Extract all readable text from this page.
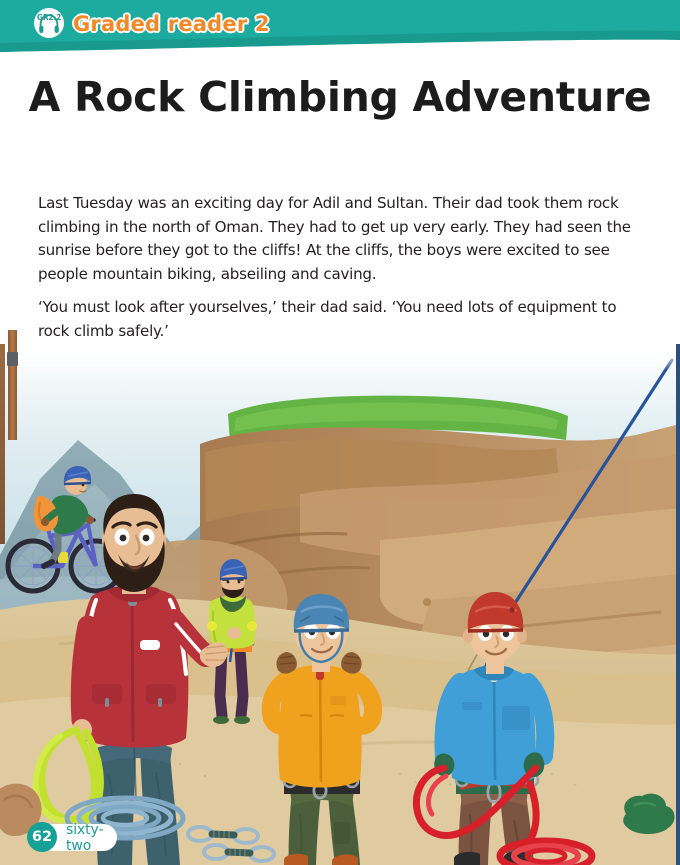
GR2.2 Graded reader 2
A Rock Climbing Adventure

Last Tuesday was an exciting day for Adil and Sultan. Their dad took them rock climbing in the north of Oman. They had to get up very early. They had seen the sunrise before they got to the cliffs! At the cliffs, the boys were excited to see people mountain biking, abseiling and caving.

‘You must look after yourselves,’ their dad said. ‘You need lots of equipment to rock climb safely.’

sixty-two
62
